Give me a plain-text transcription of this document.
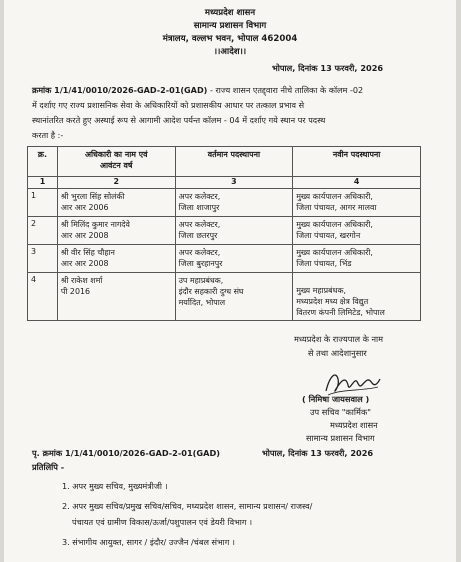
मध्यप्रदेश शासन
सामान्य प्रशासन विभाग
मंत्रालय, वल्लभ भवन, भोपाल 462004
।।आदेश।।
भोपाल, दिनांक 13 फरवरी, 2026
क्रमांक 1/1/41/0010/2026-GAD-2-01(GAD) - राज्य शासन एतद्द्वारा नीचे तालिका के कॉलम -02
में दर्शाए गए राज्य प्रशासनिक सेवा के अधिकारियों को प्रशासकीय आधार पर तत्काल प्रभाव से
स्थानांतरित करते हुए अस्थाई रूप से आगामी आदेश पर्यन्त कॉलम - 04 में दर्शाए गये स्थान पर पदस्थ
करता है :-
क्र.	अधिकारी का नाम एवं
आवंटन वर्ष	वर्तमान पदस्थापना	नवीन पदस्थापना
1	2	3	4
1	श्री भुरला सिंह सोलंकी
आर आर 2006	अपर कलेक्टर,
जिला शाजापुर	मुख्य कार्यपालन अधिकारी,
जिला पंचायत, आगर मालवा

2	श्री मिलिंद कुमार नागदेवे
आर आर 2008	अपर कलेक्टर,
जिला छतरपुर	मुख्य कार्यपालन अधिकारी,
जिला पंचायत, खरगोन

3	श्री वीर सिंह चौहान
आर आर 2008	अपर कलेक्टर,
जिला बुरहानपुर	मुख्य कार्यपालन अधिकारी,
जिला पंचायत, भिंड

4	श्री राकेश शर्मा
पी 2016	उप महाप्रबंधक,
इंदौर सहकारी दुग्ध संघ
मर्यादित, भोपाल	मुख्य महाप्रबंधक,
मध्यप्रदेश मध्य क्षेत्र विद्युत
वितरण कंपनी लिमिटेड, भोपाल
मध्यप्रदेश के राज्यपाल के नाम
से तथा आदेशानुसार
( निमिषा जायसवाल )
उप सचिव "कार्मिक"
मध्यप्रदेश शासन
सामान्य प्रशासन विभाग
पृ. क्रमांक 1/1/41/0010/2026-GAD-2-01(GAD)	भोपाल, दिनांक 13 फरवरी, 2026
प्रतिलिपि -
1. अपर मुख्य सचिव, मुख्यमंत्रीजी ।
2. अपर मुख्य सचिव/प्रमुख सचिव/सचिव, मध्यप्रदेश शासन, सामान्य प्रशासन/ राजस्व/
पंचायत एवं ग्रामीण विकास/ऊर्जा/पशुपालन एवं डेयरी विभाग ।
3. संभागीय आयुक्त, सागर / इंदौर/ उज्जैन /चंबल संभाग ।
